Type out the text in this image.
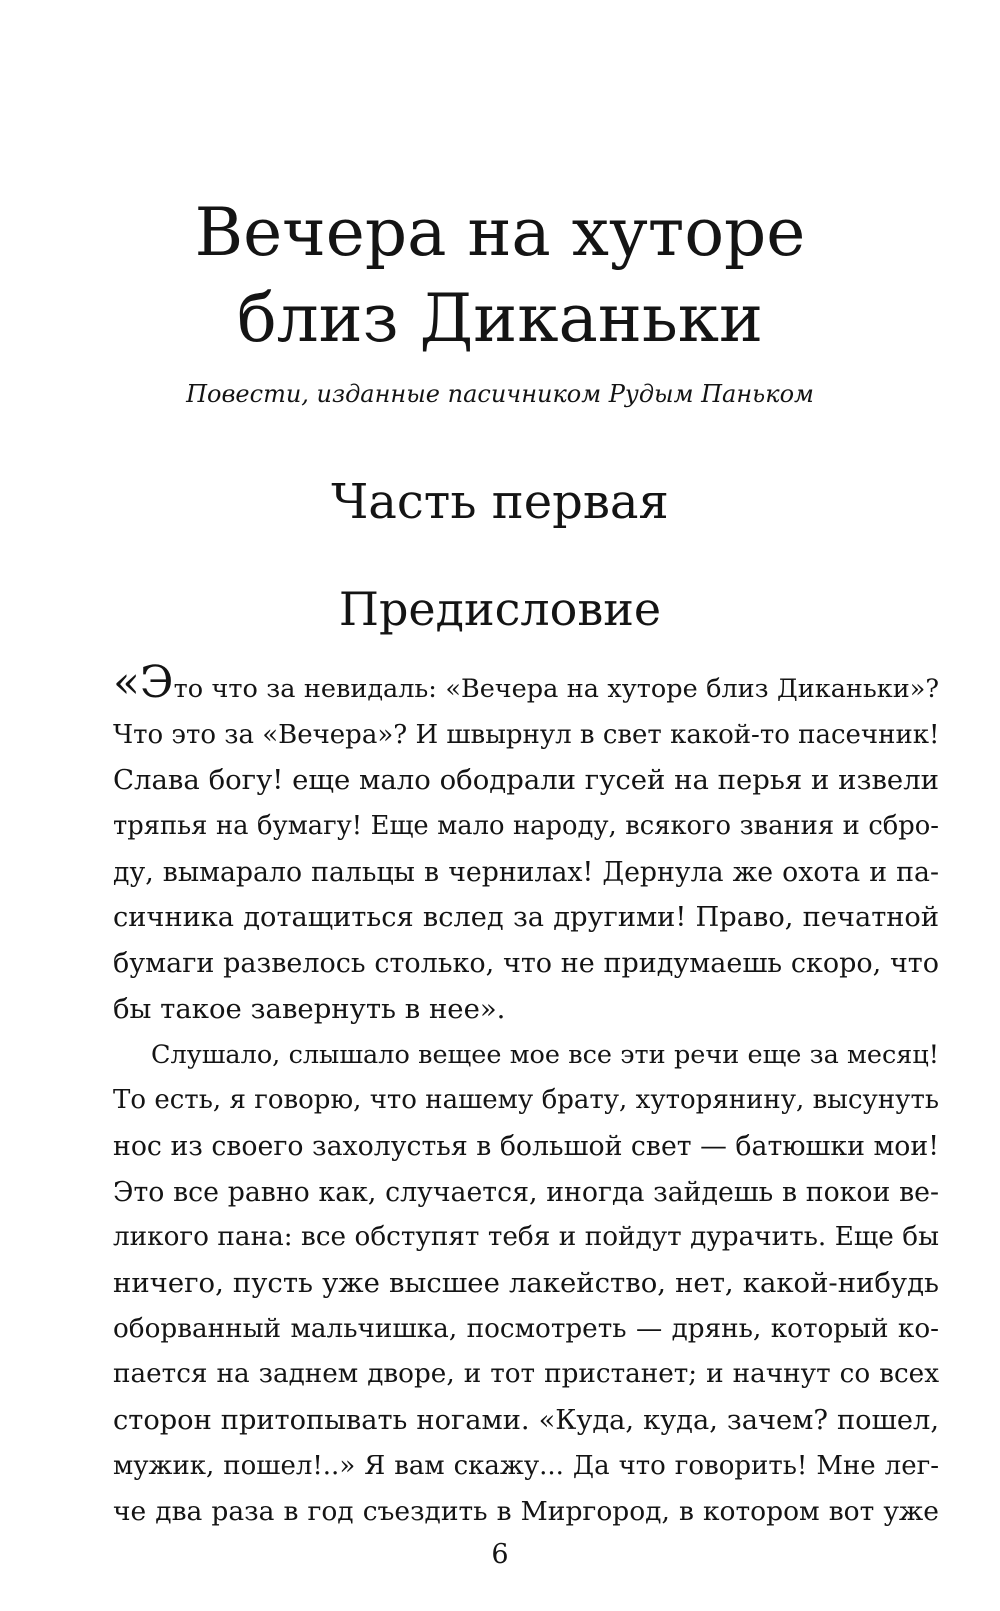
Вечера на хуторе
близ Диканьки

Повести, изданные пасичником Рудым Паньком

Часть первая
Предисловие
«Это что за невидаль: «Вечера на хуторе близ Диканьки»?
Что это за «Вечера»? И швырнул в свет какой-то пасечник!
Слава богу! еще мало ободрали гусей на перья и извели
тряпья на бумагу! Еще мало народу, всякого звания и сбро-
ду, вымарало пальцы в чернилах! Дернула же охота и па-
сичника дотащиться вслед за другими! Право, печатной
бумаги развелось столько, что не придумаешь скоро, что
бы такое завернуть в нее».
Слушало, слышало вещее мое все эти речи еще за месяц!
То есть, я говорю, что нашему брату, хуторянину, высунуть
нос из своего захолустья в большой свет — батюшки мои!
Это все равно как, случается, иногда зайдешь в покои ве-
ликого пана: все обступят тебя и пойдут дурачить. Еще бы
ничего, пусть уже высшее лакейство, нет, какой-нибудь
оборванный мальчишка, посмотреть — дрянь, который ко-
пается на заднем дворе, и тот пристанет; и начнут со всех
сторон притопывать ногами. «Куда, куда, зачем? пошел,
мужик, пошел!..» Я вам скажу... Да что говорить! Мне лег-
че два раза в год съездить в Миргород, в котором вот уже
6
